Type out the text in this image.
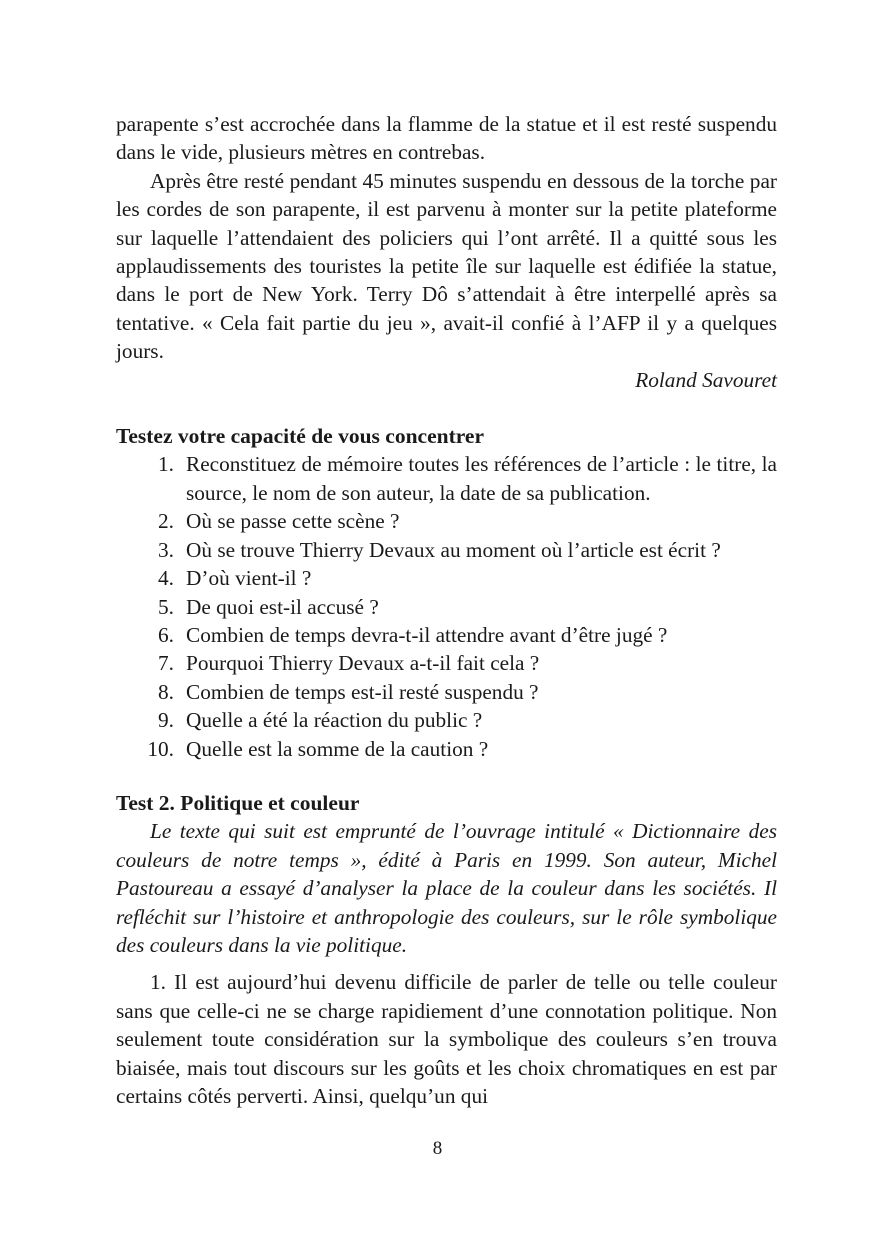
parapente s’est accrochée dans la flamme de la statue et il est resté suspendu dans le vide, plusieurs mètres en contrebas.

Après être resté pendant 45 minutes suspendu en dessous de la torche par les cordes de son parapente, il est parvenu à monter sur la petite plateforme sur laquelle l’attendaient des policiers qui l’ont arrêté. Il a quitté sous les applaudissements des touristes la petite île sur laquelle est édifiée la statue, dans le port de New York. Terry Dô s’attendait à être interpellé après sa tentative. « Cela fait partie du jeu », avait-il confié à l’AFP il y a quelques jours.

Roland Savouret

Testez votre capacité de vous concentrer
1. Reconstituez de mémoire toutes les références de l’article : le titre, la source, le nom de son auteur, la date de sa publication.
2. Où se passe cette scène ?
3. Où se trouve Thierry Devaux au moment où l’article est écrit ?
4. D’où vient-il ?
5. De quoi est-il accusé ?
6. Combien de temps devra-t-il attendre avant d’être jugé ?
7. Pourquoi Thierry Devaux a-t-il fait cela ?
8. Combien de temps est-il resté suspendu ?
9. Quelle a été la réaction du public ?
10. Quelle est la somme de la caution ?
Test 2. Politique et couleur

Le texte qui suit est emprunté de l’ouvrage intitulé « Dictionnaire des couleurs de notre temps », édité à Paris en 1999. Son auteur, Michel Pastoureau a essayé d’analyser la place de la couleur dans les sociétés. Il refléchit sur l’histoire et anthropologie des couleurs, sur le rôle symbolique des couleurs dans la vie politique.

1. Il est aujourd’hui devenu difficile de parler de telle ou telle couleur sans que celle-ci ne se charge rapidiement d’une connotation politique. Non seulement toute considération sur la symbolique des couleurs s’en trouva biaisée, mais tout discours sur les goûts et les choix chromatiques en est par certains côtés perverti. Ainsi, quelqu’un qui

8
